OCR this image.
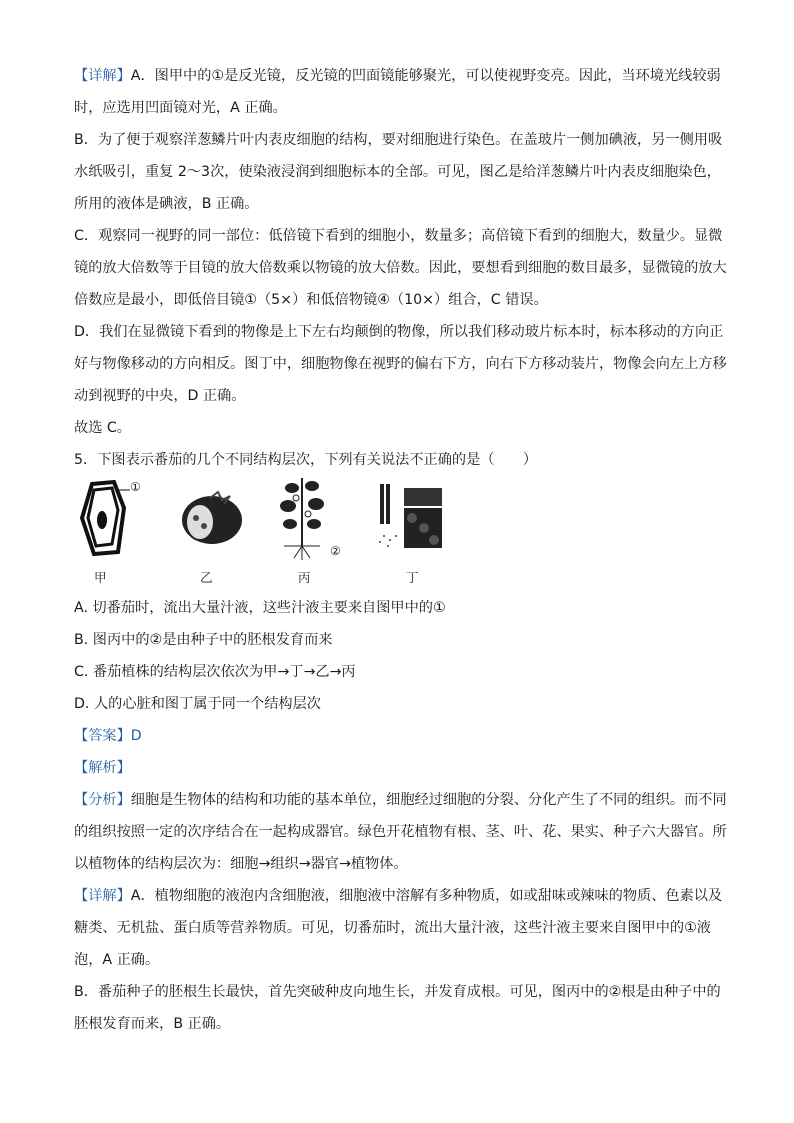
【详解】A．图甲中的①是反光镜，反光镜的凹面镜能够聚光，可以使视野变亮。因此，当环境光线较弱
时，应选用凹面镜对光，A 正确。
B．为了便于观察洋葱鳞片叶内表皮细胞的结构，要对细胞进行染色。在盖玻片一侧加碘液，另一侧用吸
水纸吸引，重复 2～3次，使染液浸润到细胞标本的全部。可见，图乙是给洋葱鳞片叶内表皮细胞染色，
所用的液体是碘液，B 正确。
C．观察同一视野的同一部位：低倍镜下看到的细胞小，数量多；高倍镜下看到的细胞大，数量少。显微
镜的放大倍数等于目镜的放大倍数乘以物镜的放大倍数。因此，要想看到细胞的数目最多，显微镜的放大
倍数应是最小，即低倍目镜①（5×）和低倍物镜④（10×）组合，C 错误。
D．我们在显微镜下看到的物像是上下左右均颠倒的物像，所以我们移动玻片标本时，标本移动的方向正
好与物像移动的方向相反。图丁中，细胞物像在视野的偏右下方，向右下方移动装片，物像会向左上方移
动到视野的中央，D 正确。
故选 C。
5．下图表示番茄的几个不同结构层次，下列有关说法不正确的是（　　）
①
甲	乙
②
丙	丁
A. 切番茄时，流出大量汁液，这些汁液主要来自图甲中的①
B. 图丙中的②是由种子中的胚根发育而来
C. 番茄植株的结构层次依次为甲→丁→乙→丙
D. 人的心脏和图丁属于同一个结构层次
【答案】D
【解析】
【分析】细胞是生物体的结构和功能的基本单位，细胞经过细胞的分裂、分化产生了不同的组织。而不同
的组织按照一定的次序结合在一起构成器官。绿色开花植物有根、茎、叶、花、果实、种子六大器官。所
以植物体的结构层次为：细胞→组织→器官→植物体。
【详解】A．植物细胞的液泡内含细胞液，细胞液中溶解有多种物质，如或甜味或辣味的物质、色素以及
糖类、无机盐、蛋白质等营养物质。可见，切番茄时，流出大量汁液，这些汁液主要来自图甲中的①液
泡，A 正确。
B．番茄种子的胚根生长最快，首先突破种皮向地生长，并发育成根。可见，图丙中的②根是由种子中的
胚根发育而来，B 正确。
